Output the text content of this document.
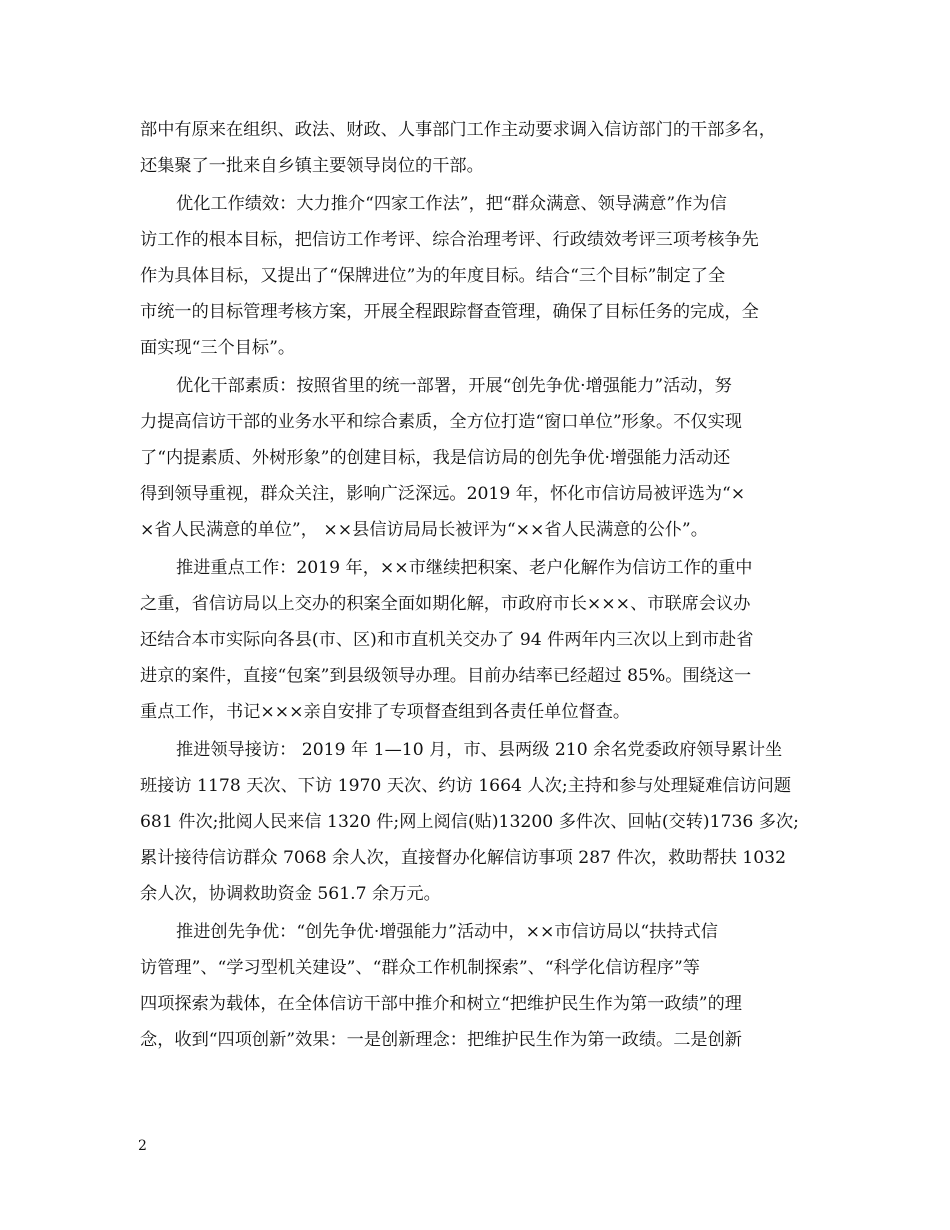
部中有原来在组织、政法、财政、人事部门工作主动要求调入信访部门的干部多名，
还集聚了一批来自乡镇主要领导岗位的干部。
优化工作绩效：大力推介“四家工作法”，把“群众满意、领导满意”作为信
访工作的根本目标，把信访工作考评、综合治理考评、行政绩效考评三项考核争先
作为具体目标，又提出了“保牌进位”为的年度目标。结合“三个目标”制定了全
市统一的目标管理考核方案，开展全程跟踪督查管理，确保了目标任务的完成，全
面实现“三个目标”。
优化干部素质：按照省里的统一部署，开展“创先争优·增强能力”活动，努
力提高信访干部的业务水平和综合素质，全方位打造“窗口单位”形象。不仅实现
了“内提素质、外树形象”的创建目标，我是信访局的创先争优·增强能力活动还
得到领导重视，群众关注，影响广泛深远。2019 年，怀化市信访局被评选为“×
×省人民满意的单位”， ××县信访局局长被评为“××省人民满意的公仆”。
推进重点工作：2019 年，××市继续把积案、老户化解作为信访工作的重中
之重，省信访局以上交办的积案全面如期化解，市政府市长×××、市联席会议办
还结合本市实际向各县(市、区)和市直机关交办了 94 件两年内三次以上到市赴省
进京的案件，直接“包案”到县级领导办理。目前办结率已经超过 85%。围绕这一
重点工作，书记×××亲自安排了专项督查组到各责任单位督查。
推进领导接访： 2019 年 1—10 月，市、县两级 210 余名党委政府领导累计坐
班接访 1178 天次、下访 1970 天次、约访 1664 人次;主持和参与处理疑难信访问题
681 件次;批阅人民来信 1320 件;网上阅信(贴)13200 多件次、回帖(交转)1736 多次;
累计接待信访群众 7068 余人次，直接督办化解信访事项 287 件次，救助帮扶 1032
余人次，协调救助资金 561.7 余万元。
推进创先争优：“创先争优·增强能力”活动中，××市信访局以“扶持式信
访管理”、“学习型机关建设”、“群众工作机制探索”、“科学化信访程序”等
四项探索为载体，在全体信访干部中推介和树立“把维护民生作为第一政绩”的理
念，收到“四项创新”效果：一是创新理念：把维护民生作为第一政绩。二是创新
2
